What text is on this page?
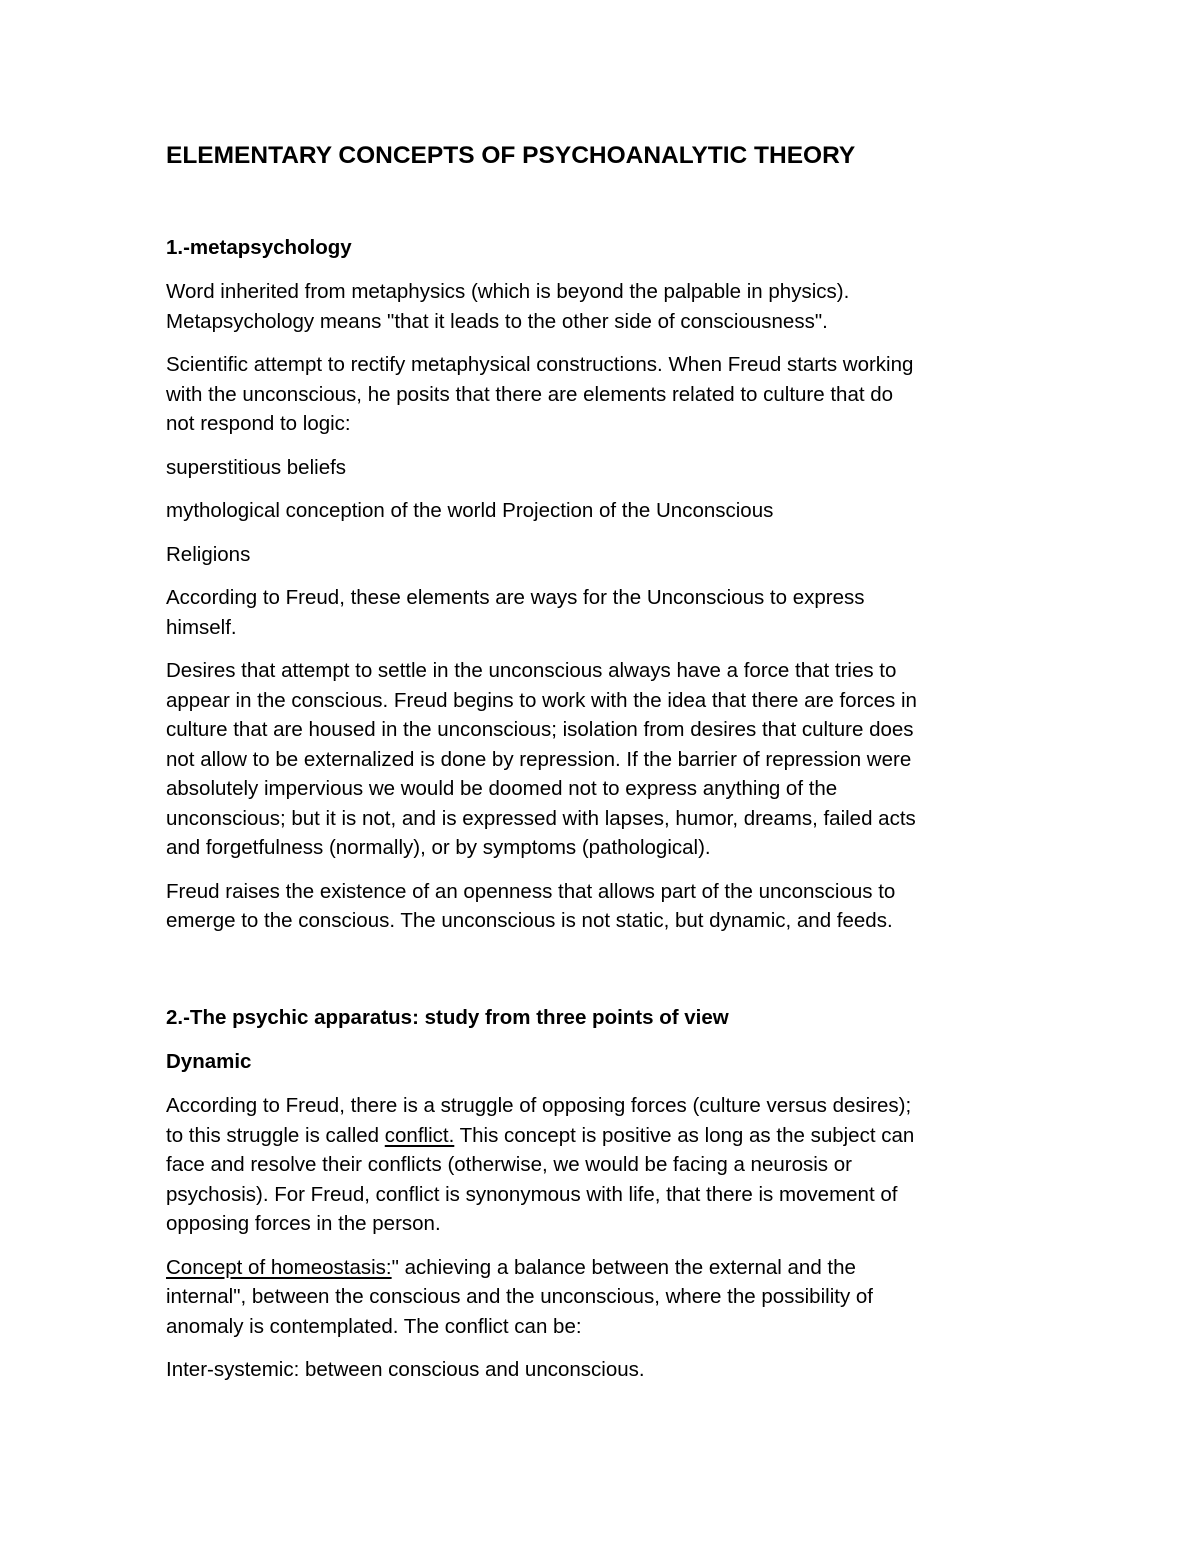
ELEMENTARY CONCEPTS OF PSYCHOANALYTIC THEORY
1.-metapsychology

Word inherited from metaphysics (which is beyond the palpable in physics).
Metapsychology means "that it leads to the other side of consciousness".

Scientific attempt to rectify metaphysical constructions. When Freud starts working
with the unconscious, he posits that there are elements related to culture that do
not respond to logic:

superstitious beliefs

mythological conception of the world Projection of the Unconscious

Religions

According to Freud, these elements are ways for the Unconscious to express
himself.

Desires that attempt to settle in the unconscious always have a force that tries to
appear in the conscious. Freud begins to work with the idea that there are forces in
culture that are housed in the unconscious; isolation from desires that culture does
not allow to be externalized is done by repression. If the barrier of repression were
absolutely impervious we would be doomed not to express anything of the
unconscious; but it is not, and is expressed with lapses, humor, dreams, failed acts
and forgetfulness (normally), or by symptoms (pathological).

Freud raises the existence of an openness that allows part of the unconscious to
emerge to the conscious. The unconscious is not static, but dynamic, and feeds.

2.-The psychic apparatus: study from three points of view
Dynamic

According to Freud, there is a struggle of opposing forces (culture versus desires);
to this struggle is called conflict. This concept is positive as long as the subject can
face and resolve their conflicts (otherwise, we would be facing a neurosis or
psychosis). For Freud, conflict is synonymous with life, that there is movement of
opposing forces in the person.

Concept of homeostasis:" achieving a balance between the external and the
internal", between the conscious and the unconscious, where the possibility of
anomaly is contemplated. The conflict can be:

Inter-systemic: between conscious and unconscious.
